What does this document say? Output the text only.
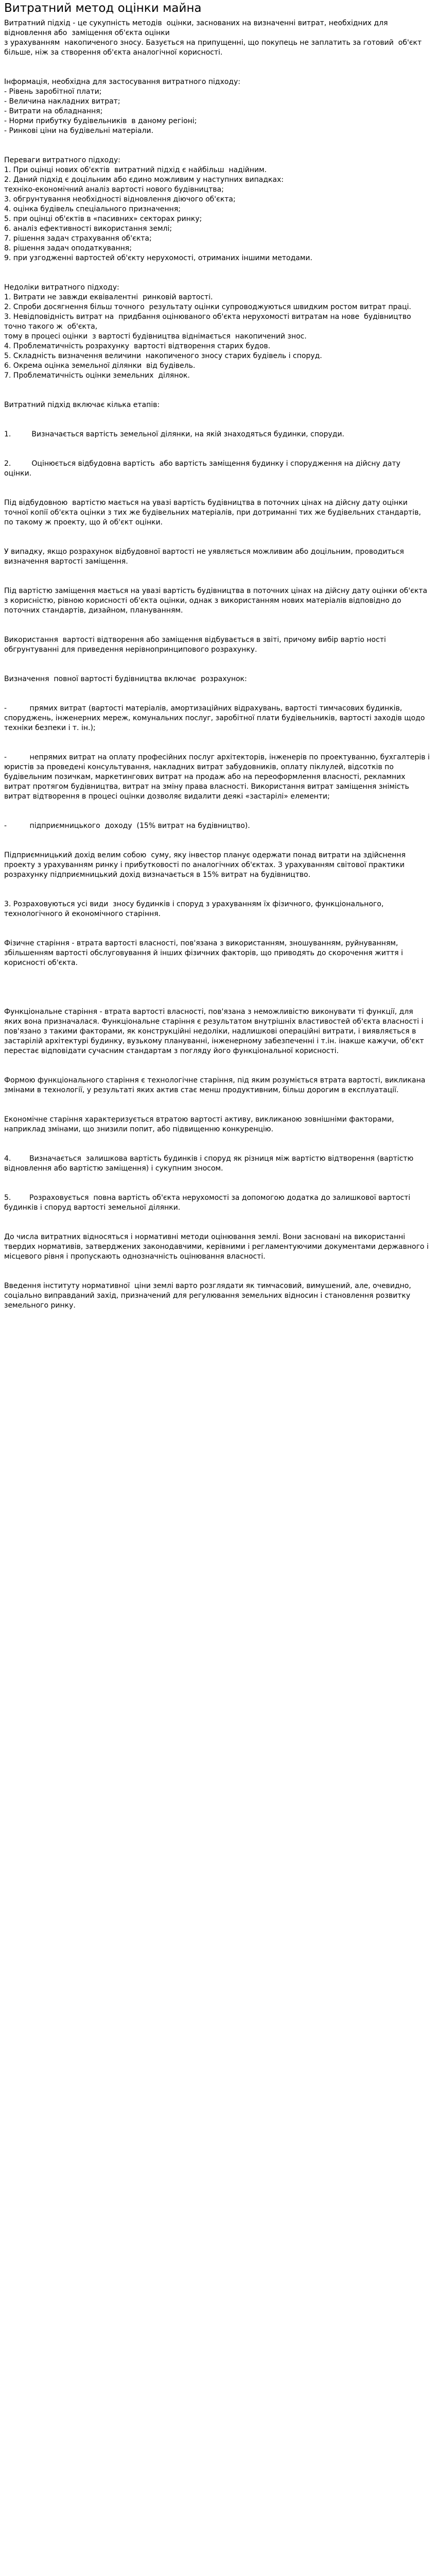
Витратний метод оцінки майна
Витратний підхід - це сукупність методів  оцінки, заснованих на визначенні витрат, необхідних для відновлення або  заміщення об'єкта оцінки
з урахуванням  накопиченого зносу. Базується на припущенні, що покупець не заплатить за готовий  об'єкт більше, ніж за створення об'єкта аналогічної корисності.

Інформація, необхідна для застосування витратного підходу:
- Рівень заробітної плати;
- Величина накладних витрат;
- Витрати на обладнання;
- Норми прибутку будівельників  в даному регіоні;
- Ринкові ціни на будівельні матеріали.

Переваги витратного підходу:
1. При оцінці нових об'єктів  витратний підхід є найбільш  надійним.
2. Даний підхід є доцільним або єдино можливим у наступних випадках:
техніко-економічний аналіз вартості нового будівництва;
3. обгрунтування необхідності відновлення діючого об'єкта;
4. оцінка будівель спеціального призначення;
5. при оцінці об'єктів в «пасивних» секторах ринку;
6. аналіз ефективності використання землі;
7. рішення задач страхування об'єкта;
8. рішення задач оподаткування;
9. при узгодженні вартостей об'єкту нерухомості, отриманих іншими методами.

Недоліки витратного підходу:
1. Витрати не завжди еквівалентні  ринковій вартості.
2. Спроби досягнення більш точного  результату оцінки супроводжуються швидким ростом витрат праці.
3. Невідповідність витрат на  придбання оцінюваного об'єкта нерухомості витратам на нове  будівництво точно такого ж  об'єкта,
тому в процесі оцінки  з вартості будівництва віднімається  накопичений знос.
4. Проблематичність розрахунку  вартості відтворення старих будов.
5. Складність визначення величини  накопиченого зносу старих будівель і споруд.
6. Окрема оцінка земельної ділянки  від будівель.
7. Проблематичність оцінки земельних  ділянок.

Витратний підхід включає кілька етапів:

1.         Визначається вартість земельної ділянки, на якій знаходяться будинки, споруди.

2.         Оцінюється відбудовна вартість  або вартість заміщення будинку і спорудження на дійсну дату  оцінки.

Під відбудовною  вартістю мається на увазі вартість будівництва в поточних цінах на дійсну дату оцінки точної копії об'єкта оцінки з тих же будівельних матеріалів, при дотриманні тих же будівельних стандартів, по такому ж проекту, що й об'єкт оцінки.

У випадку, якщо розрахунок відбудовної вартості не уявляється можливим або доцільним, проводиться визначення вартості заміщення.

Під вартістю заміщення мається на увазі вартість будівництва в поточних цінах на дійсну дату оцінки об'єкта з корисністю, рівною корисності об'єкта оцінки, однак з використанням нових матеріалів відповідно до поточних стандартів, дизайном, плануванням.

Використання  вартості відтворення або заміщення відбувається в звіті, причому вибір вартіо ності обгрунтуванні для приведення нерівнопринципового розрахунку.

Визначення  повної вартості будівництва включає  розрахунок:

-          прямих витрат (вартості матеріалів, амортизаційних відрахувань, вартості тимчасових будинків, споруджень, інженерних мереж, комунальних послуг, заробітної плати будівельників, вартості заходів щодо техніки безпеки і т. ін.);

-          непрямих витрат на оплату професійних послуг архітекторів, інженерів по проектуванню, бухгалтерів і юристів за проведені консультування, накладних витрат забудовників, оплату піклулей, відсотків по будівельним позичкам, маркетингових витрат на продаж або на переоформлення власності, рекламних витрат протягом будівництва, витрат на зміну права власності. Використання витрат заміщення знімість витрат відтворення в процесі оцінки дозволяє видалити деякі «застарілі» елементи;

-          підприємницького  доходу  (15% витрат на будівництво).

Підприємницький дохід велим собою  суму, яку інвестор планує одержати понад витрати на здійснення проекту з урахуванням ринку і прибутковості по аналогічних об'єктах. З урахуванням світової практики розрахунку підприємницький дохід визначається в 15% витрат на будівництво.

3. Розраховуються усі види  зносу будинків і споруд з урахуванням їх фізичного, функціонального, технологічного й економічного старіння.

Фізичне старіння - втрата вартості власності, пов'язана з використанням, зношуванням, руйнуванням, збільшенням вартості обслуговування й інших фізичних факторів, що приводять до скорочення життя і корисності об'єкта.

Функціональне старіння - втрата вартості власності, пов'язана з неможливістю виконувати ті функції, для яких вона призначалася. Функціональне старіння є результатом внутрішніх властивостей об'єкта власності і пов'язано з такими факторами, як конструкційні недоліки, надлишкові операційні витрати, і виявляється в застарілій архітектурі будинку, вузькому плануванні, інженерному забезпеченні і т.ін. інакше кажучи, об'єкт перестає відповідати сучасним стандартам з погляду його функціональної корисності.

Формою функціонального старіння є технологічне старіння, під яким розуміється втрата вартості, викликана змінами в технології, у результаті яких актив стає менш продуктивним, більш дорогим в експлуатації.

Економічне старіння характеризується втратою вартості активу, викликаною зовнішніми факторами, наприклад змінами, що знизили попит, або підвищенню конкуренцію.

4.        Визначається  залишкова вартість будинків і споруд як різниця між вартістю відтворення (вартістю відновлення або вартістю заміщення) і сукупним зносом.

5.        Розраховується  повна вартість об'єкта нерухомості за допомогою додатка до залишкової вартості будинків і споруд вартості земельної ділянки.

До числа витратних відносяться і нормативні методи оцінювання землі. Вони засновані на використанні твердих нормативів, затверджених законодавчими, керівними і регламентуючими документами державного і місцевого рівня і пропускають однозначність оцінювання власності.

Введення інституту нормативної  ціни землі варто розглядати як тимчасовий, вимушений, але, очевидно, соціально виправданий захід, призначений для регулювання земельних відносин і становлення розвитку земельного ринку.
